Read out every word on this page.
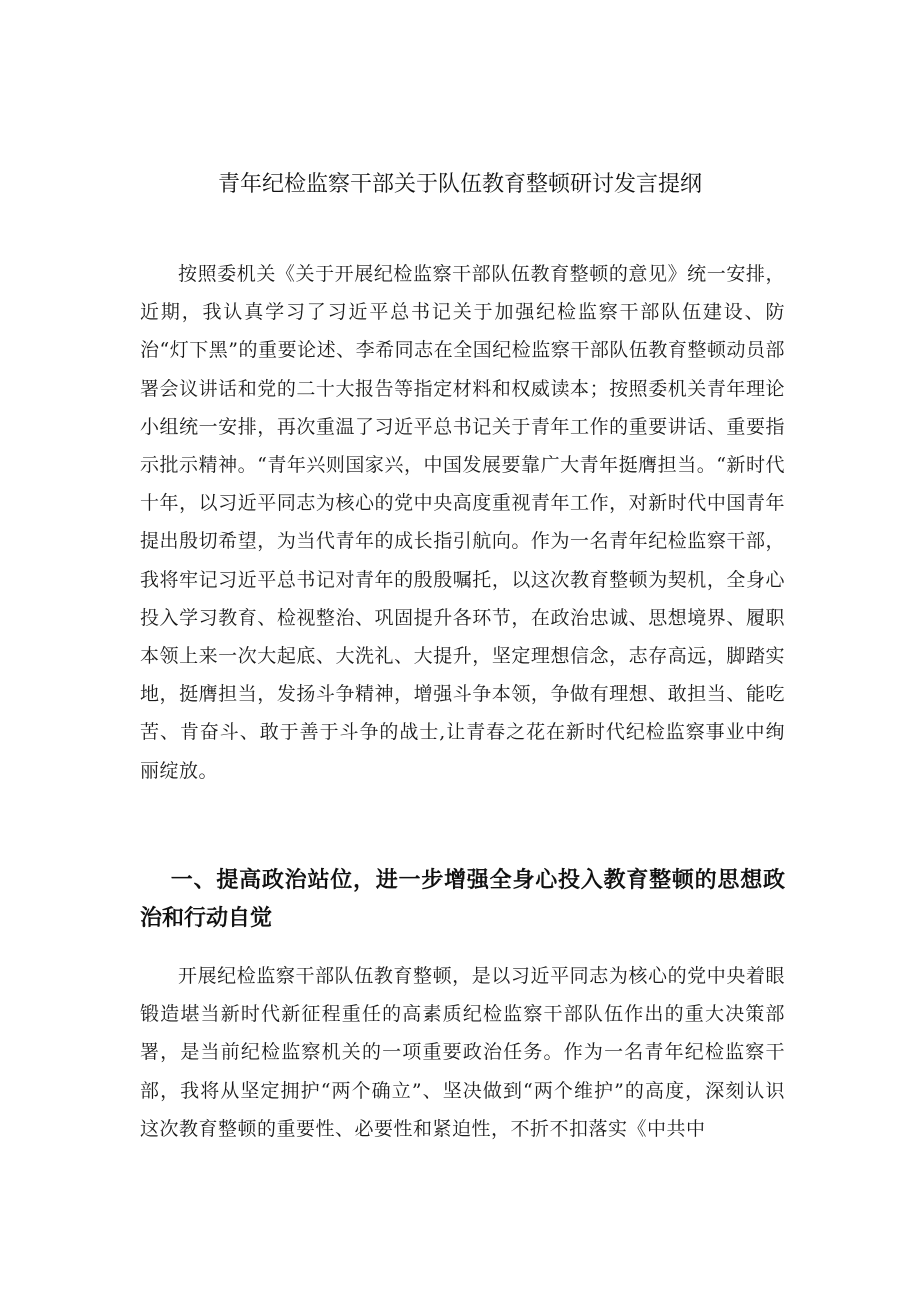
青年纪检监察干部关于队伍教育整顿研讨发言提纲

按照委机关《关于开展纪检监察干部队伍教育整顿的意见》统一安排，近期，我认真学习了习近平总书记关于加强纪检监察干部队伍建设、防治“灯下黑”的重要论述、李希同志在全国纪检监察干部队伍教育整顿动员部署会议讲话和党的二十大报告等指定材料和权威读本；按照委机关青年理论小组统一安排，再次重温了习近平总书记关于青年工作的重要讲话、重要指示批示精神。“青年兴则国家兴，中国发展要靠广大青年挺膺担当。“新时代十年，以习近平同志为核心的党中央高度重视青年工作，对新时代中国青年提出殷切希望，为当代青年的成长指引航向。作为一名青年纪检监察干部，我将牢记习近平总书记对青年的殷殷嘱托，以这次教育整顿为契机，全身心投入学习教育、检视整治、巩固提升各环节，在政治忠诚、思想境界、履职本领上来一次大起底、大洗礼、大提升，坚定理想信念，志存高远，脚踏实地，挺膺担当，发扬斗争精神，增强斗争本领，争做有理想、敢担当、能吃苦、肯奋斗、敢于善于斗争的战士,让青春之花在新时代纪检监察事业中绚丽绽放。

一、提高政治站位，进一步增强全身心投入教育整顿的思想政治和行动自觉

开展纪检监察干部队伍教育整顿，是以习近平同志为核心的党中央着眼锻造堪当新时代新征程重任的高素质纪检监察干部队伍作出的重大决策部署，是当前纪检监察机关的一项重要政治任务。作为一名青年纪检监察干部，我将从坚定拥护“两个确立”、坚决做到“两个维护”的高度，深刻认识这次教育整顿的重要性、必要性和紧迫性，不折不扣落实《中共中
